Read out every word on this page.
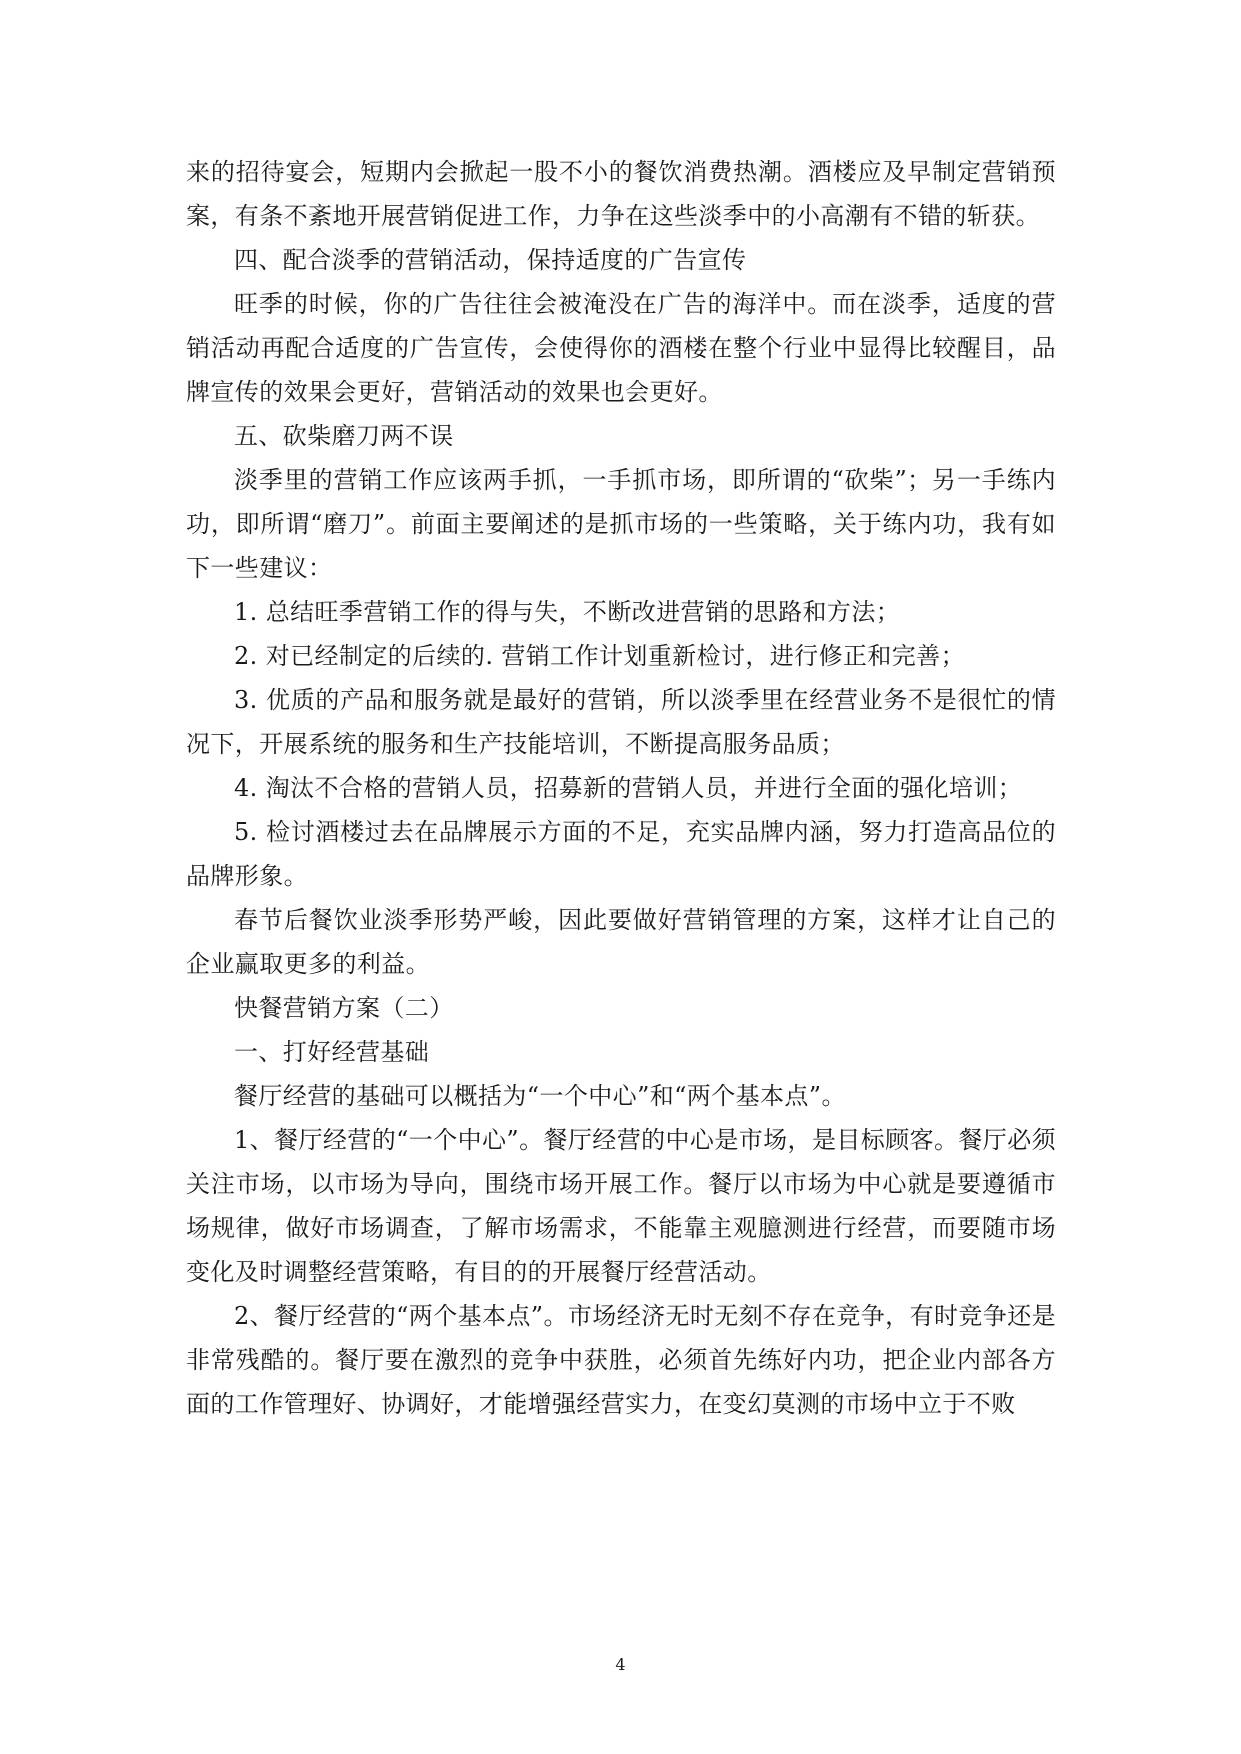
来的招待宴会，短期内会掀起一股不小的餐饮消费热潮。酒楼应及早制定营销预案，有条不紊地开展营销促进工作，力争在这些淡季中的小高潮有不错的斩获。

四、配合淡季的营销活动，保持适度的广告宣传

旺季的时候，你的广告往往会被淹没在广告的海洋中。而在淡季，适度的营销活动再配合适度的广告宣传，会使得你的酒楼在整个行业中显得比较醒目，品牌宣传的效果会更好，营销活动的效果也会更好。

五、砍柴磨刀两不误

淡季里的营销工作应该两手抓，一手抓市场，即所谓的“砍柴”；另一手练内功，即所谓“磨刀”。前面主要阐述的是抓市场的一些策略，关于练内功，我有如下一些建议：

1. 总结旺季营销工作的得与失，不断改进营销的思路和方法；

2. 对已经制定的后续的. 营销工作计划重新检讨，进行修正和完善；

3. 优质的产品和服务就是最好的营销，所以淡季里在经营业务不是很忙的情况下，开展系统的服务和生产技能培训，不断提高服务品质；

4. 淘汰不合格的营销人员，招募新的营销人员，并进行全面的强化培训；

5. 检讨酒楼过去在品牌展示方面的不足，充实品牌内涵，努力打造高品位的品牌形象。

春节后餐饮业淡季形势严峻，因此要做好营销管理的方案，这样才让自己的企业赢取更多的利益。

快餐营销方案（二）

一、打好经营基础

餐厅经营的基础可以概括为“一个中心”和“两个基本点”。

1、餐厅经营的“一个中心”。餐厅经营的中心是市场，是目标顾客。餐厅必须关注市场，以市场为导向，围绕市场开展工作。餐厅以市场为中心就是要遵循市场规律，做好市场调查，了解市场需求，不能靠主观臆测进行经营，而要随市场变化及时调整经营策略，有目的的开展餐厅经营活动。

2、餐厅经营的“两个基本点”。市场经济无时无刻不存在竞争，有时竞争还是非常残酷的。餐厅要在激烈的竞争中获胜，必须首先练好内功，把企业内部各方面的工作管理好、协调好，才能增强经营实力，在变幻莫测的市场中立于不败

4
